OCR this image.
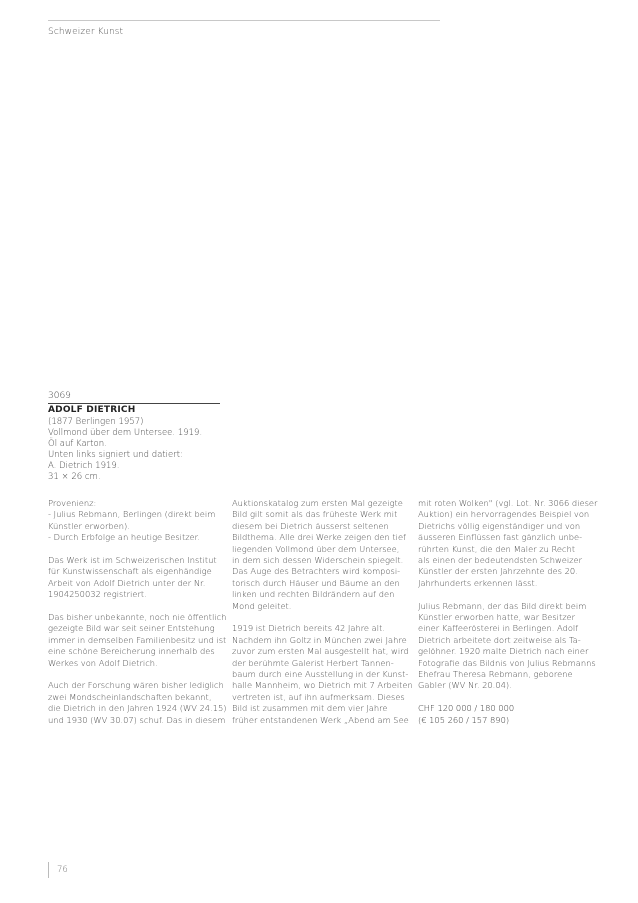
Schweizer Kunst
3069
ADOLF DIETRICH
(1877 Berlingen 1957)
Vollmond über dem Untersee. 1919.
Öl auf Karton.
Unten links signiert und datiert:
A. Dietrich 1919.
31 × 26 cm.

Provenienz:

- Julius Rebmann, Berlingen (direkt beim

Künstler erworben).

- Durch Erbfolge an heutige Besitzer.

Das Werk ist im Schweizerischen Institut

für Kunstwissenschaft als eigenhändige

Arbeit von Adolf Dietrich unter der Nr.

1904250032 registriert.

Das bisher unbekannte, noch nie öffentlich

gezeigte Bild war seit seiner Entstehung

immer in demselben Familienbesitz und ist

eine schöne Bereicherung innerhalb des

Werkes von Adolf Dietrich.

Auch der Forschung wären bisher lediglich

zwei Mondscheinlandschaften bekannt,

die Dietrich in den Jahren 1924 (WV 24.15)

und 1930 (WV 30.07) schuf. Das in diesem

Auktionskatalog zum ersten Mal gezeigte

Bild gilt somit als das früheste Werk mit

diesem bei Dietrich äusserst seltenen

Bildthema. Alle drei Werke zeigen den tief

liegenden Vollmond über dem Untersee,

in dem sich dessen Widerschein spiegelt.

Das Auge des Betrachters wird komposi-

torisch durch Häuser und Bäume an den

linken und rechten Bildrändern auf den

Mond geleitet.

1919 ist Dietrich bereits 42 Jahre alt.

Nachdem ihn Goltz in München zwei Jahre

zuvor zum ersten Mal ausgestellt hat, wird

der berühmte Galerist Herbert Tannen-

baum durch eine Ausstellung in der Kunst-

halle Mannheim, wo Dietrich mit 7 Arbeiten

vertreten ist, auf ihn aufmerksam. Dieses

Bild ist zusammen mit dem vier Jahre

früher entstandenen Werk „Abend am See

mit roten Wolken" (vgl. Lot. Nr. 3066 dieser

Auktion) ein hervorragendes Beispiel von

Dietrichs völlig eigenständiger und von

äusseren Einflüssen fast gänzlich unbe-

rührten Kunst, die den Maler zu Recht

als einen der bedeutendsten Schweizer

Künstler der ersten Jahrzehnte des 20.

Jahrhunderts erkennen lässt.

Julius Rebmann, der das Bild direkt beim

Künstler erworben hatte, war Besitzer

einer Kaffeerösterei in Berlingen. Adolf

Dietrich arbeitete dort zeitweise als Ta-

gelöhner. 1920 malte Dietrich nach einer

Fotografie das Bildnis von Julius Rebmanns

Ehefrau Theresa Rebmann, geborene

Gabler (WV Nr. 20.04).

CHF 120 000 / 180 000

(€ 105 260 / 157 890)

76
